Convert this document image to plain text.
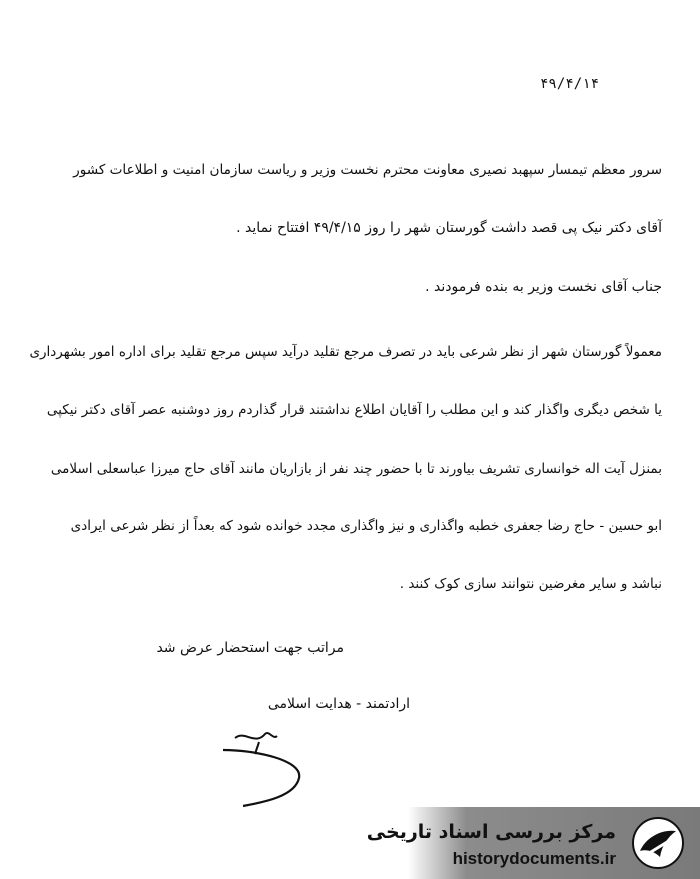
۴۹/۴/۱۴
سرور معظم تیمسار سپهبد نصیری معاونت محترم نخست وزیر و ریاست سازمان امنیت و اطلاعات کشور
آقای دکتر نیک پی قصد داشت گورستان شهر را روز ۴۹/۴/۱۵ افتتاح نماید .
جناب آقای نخست وزیر به بنده فرمودند .
معمولاً گورستان شهر از نظر شرعی باید در تصرف مرجع تقلید درآید سپس مرجع تقلید برای اداره امور بشهرداری
یا شخص دیگری واگذار کند و این مطلب را آقایان اطلاع نداشتند قرار گذاردم روز دوشنبه عصر آقای دکتر نیکپی
بمنزل آیت اله خوانساری تشریف بیاورند تا با حضور چند نفر از بازاریان مانند آقای حاج میرزا عباسعلی اسلامی
ابو حسین - حاج رضا جعفری خطبه واگذاری و نیز واگذاری مجدد خوانده شود که بعداً از نظر شرعی ایرادی
نباشد و سایر مغرضین نتوانند سازی کوک کنند .
مراتب جهت استحضار عرض شد
ارادتمند - هدایت اسلامی
مرکز بررسی اسناد تاریخی
historydocuments.ir
